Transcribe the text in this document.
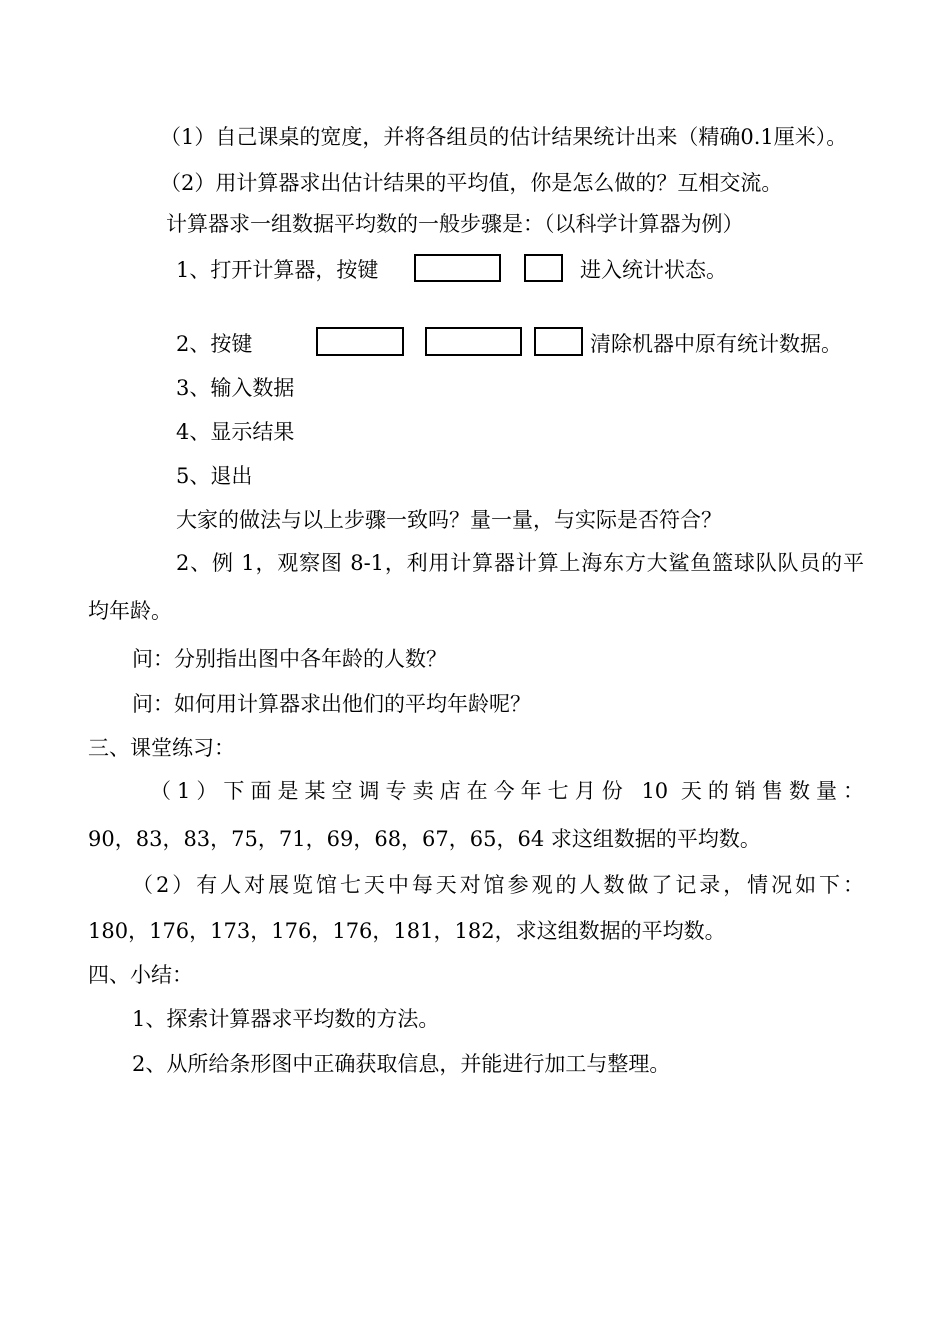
（1）自己课桌的宽度，并将各组员的估计结果统计出来（精确0.1厘米）。
（2）用计算器求出估计结果的平均值，你是怎么做的？互相交流。
计算器求一组数据平均数的一般步骤是：（以科学计算器为例）
1、打开计算器，按键	进入统计状态。
2、按键	清除机器中原有统计数据。
3、输入数据
4、显示结果
5、退出
大家的做法与以上步骤一致吗？量一量，与实际是否符合？
2、例 1，观察图 8-1，利用计算器计算上海东方大鲨鱼篮球队队员的平
均年龄。
问：分别指出图中各年龄的人数？
问：如何用计算器求出他们的平均年龄呢？
三、课堂练习：
（1）下面是某空调专卖店在今年七月份 10 天的销售数量：
90，83，83，75，71，69，68，67，65，64 求这组数据的平均数。
（2）有人对展览馆七天中每天对馆参观的人数做了记录，情况如下：
180，176，173，176，176，181，182，求这组数据的平均数。
四、小结：
1、探索计算器求平均数的方法。
2、从所给条形图中正确获取信息，并能进行加工与整理。
